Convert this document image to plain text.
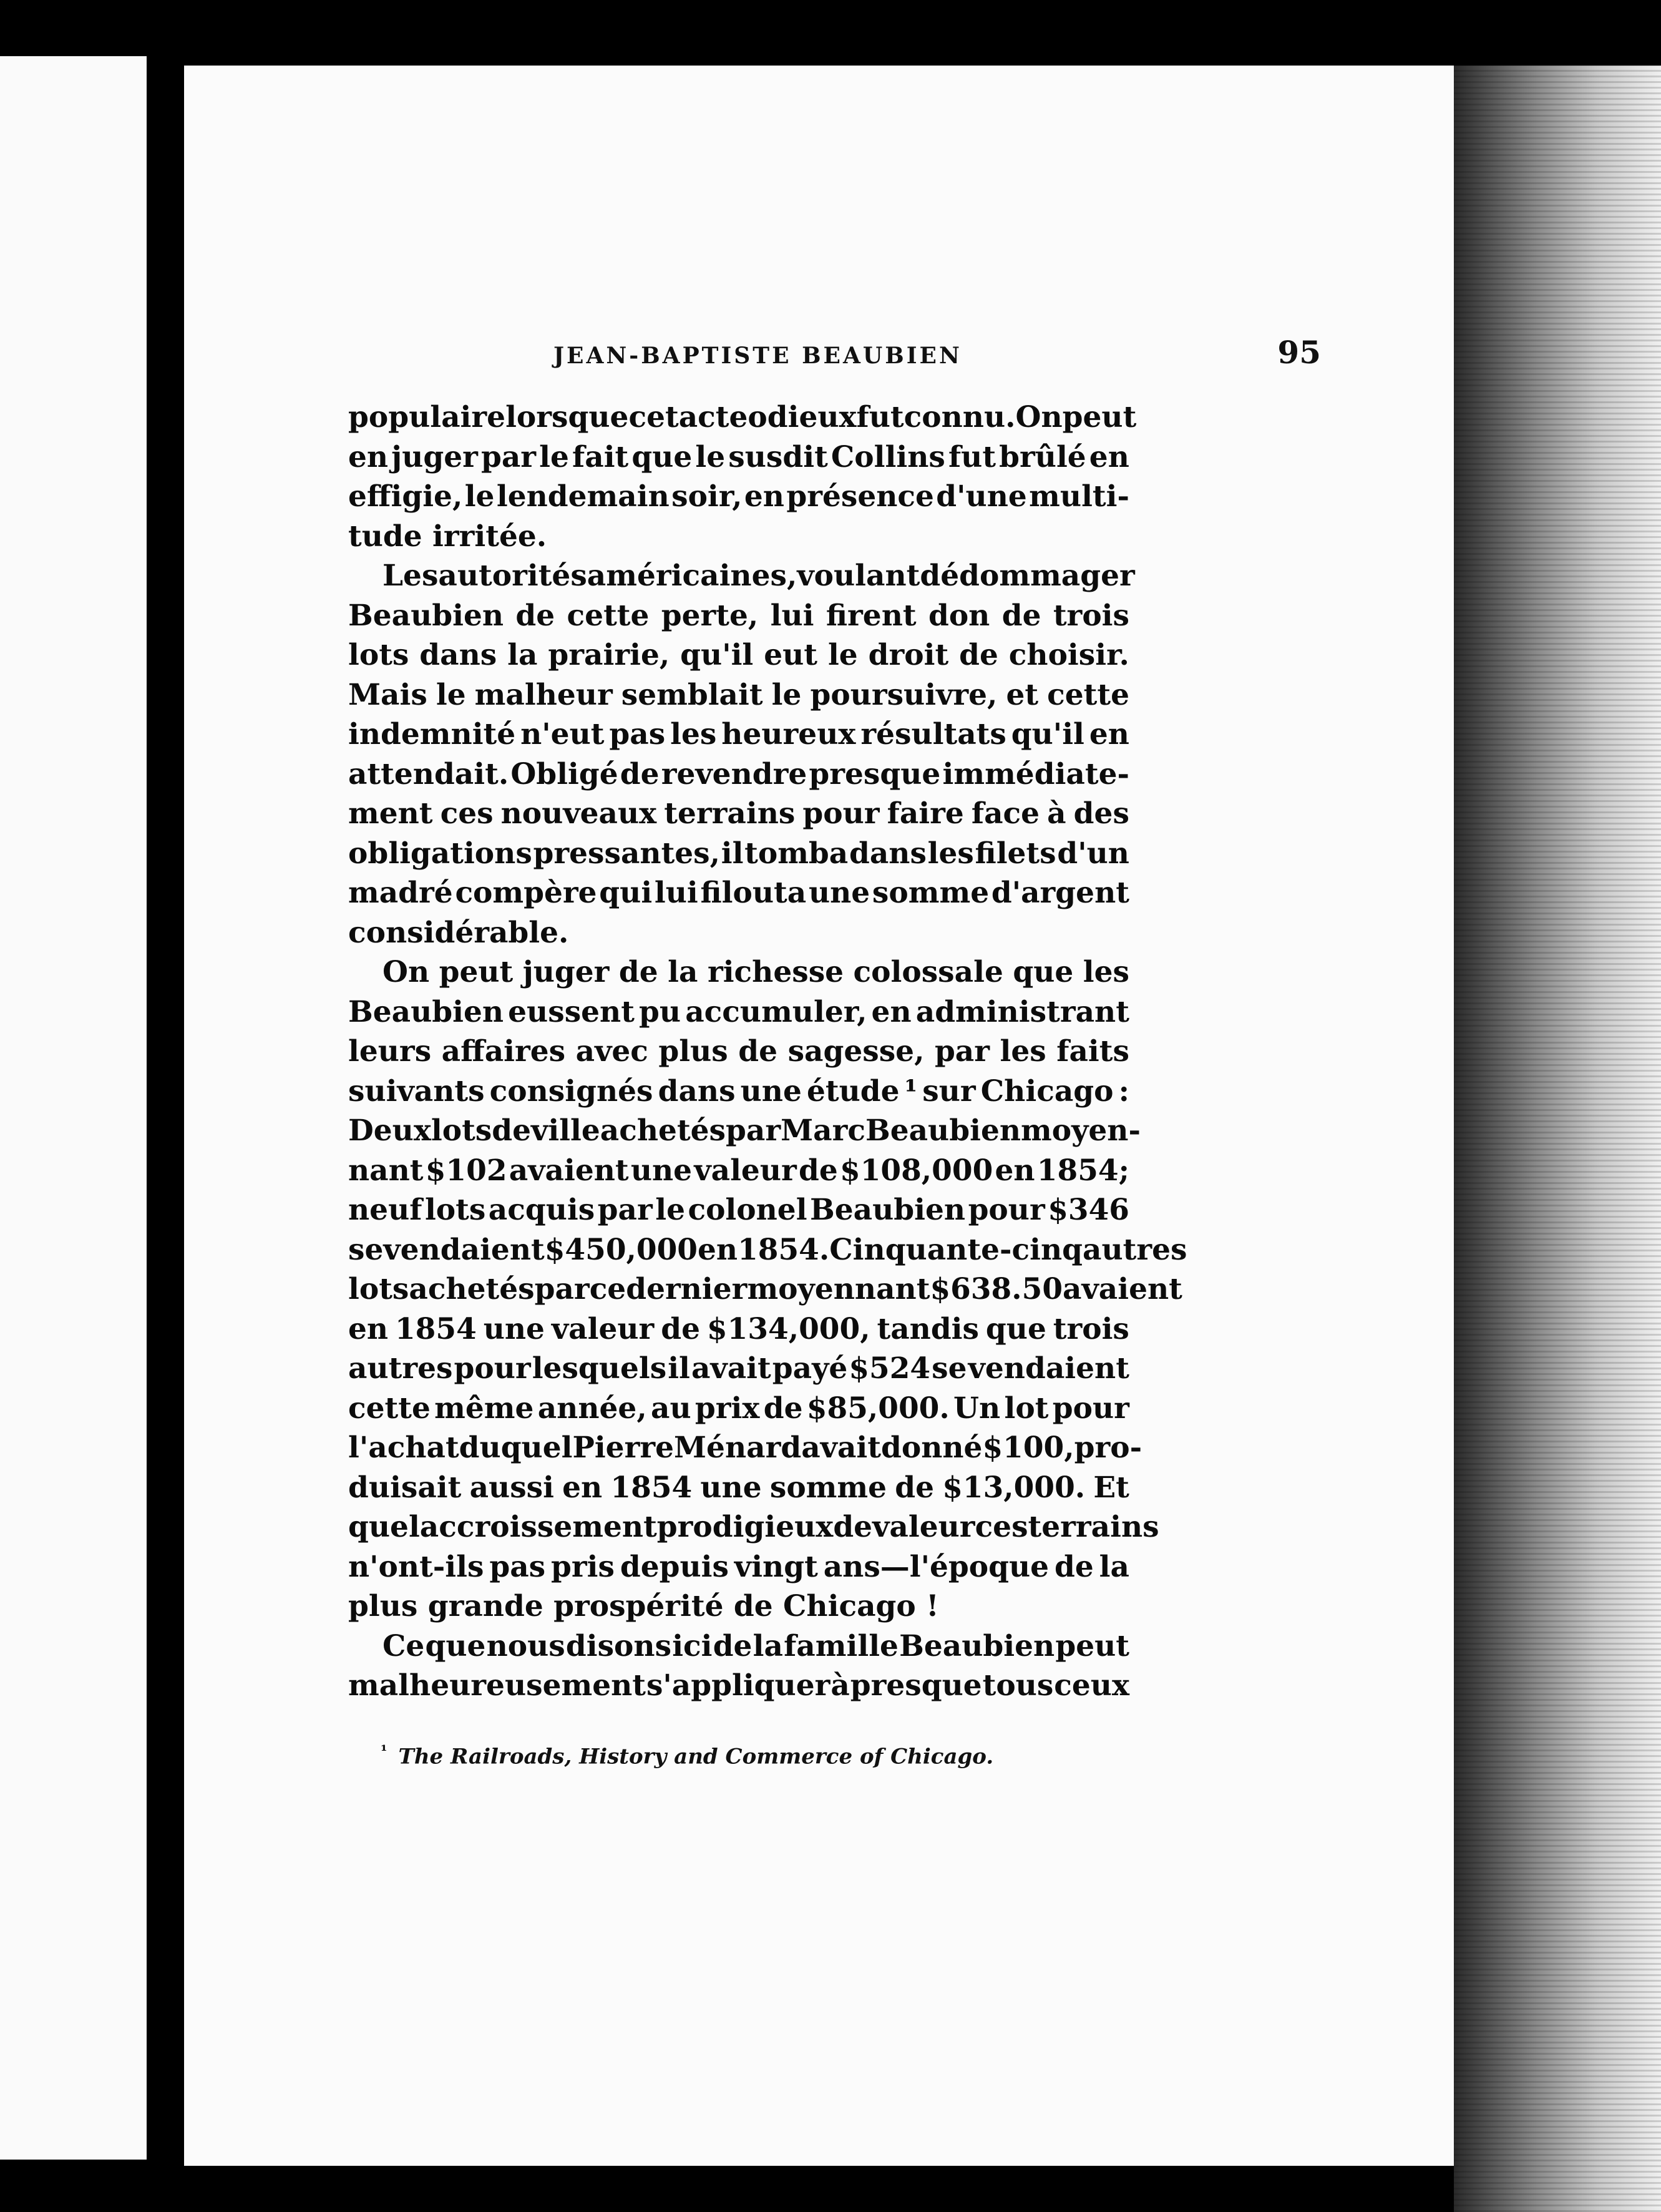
JEAN-BAPTISTE BEAUBIEN	95
populaire lorsque cet acte odieux fut connu. On peut
en juger par le fait que le susdit Collins fut brûlé en
effigie, le lendemain soir, en présence d'une multi-
tude irritée.
Les autorités américaines, voulant dédommager
Beaubien de cette perte, lui firent don de trois
lots dans la prairie, qu'il eut le droit de choisir.
Mais le malheur semblait le poursuivre, et cette
indemnité n'eut pas les heureux résultats qu'il en
attendait. Obligé de revendre presque immédiate-
ment ces nouveaux terrains pour faire face à des
obligations pressantes, il tomba dans les filets d'un
madré compère qui lui filouta une somme d'argent
considérable.
On peut juger de la richesse colossale que les
Beaubien eussent pu accumuler, en administrant
leurs affaires avec plus de sagesse, par les faits
suivants consignés dans une étude ¹ sur Chicago :
Deux lots de ville achetés par Marc Beaubien moyen-
nant $102 avaient une valeur de $108,000 en 1854;
neuf lots acquis par le colonel Beaubien pour $346
se vendaient $450,000 en 1854. Cinquante-cinq autres
lots achetés par ce dernier moyennant $638.50 avaient
en 1854 une valeur de $134,000, tandis que trois
autres pour lesquels il avait payé $524 se vendaient
cette même année, au prix de $85,000. Un lot pour
l'achat duquel Pierre Ménard avait donné $100, pro-
duisait aussi en 1854 une somme de $13,000. Et
quel accroissement prodigieux de valeur ces terrains
n'ont-ils pas pris depuis vingt ans—l'époque de la
plus grande prospérité de Chicago !
Ce que nous disons ici de la famille Beaubien peut
malheureusement s'appliquer à presque tous ceux
$^{^1}$ The Railroads, History and Commerce of Chicago.
